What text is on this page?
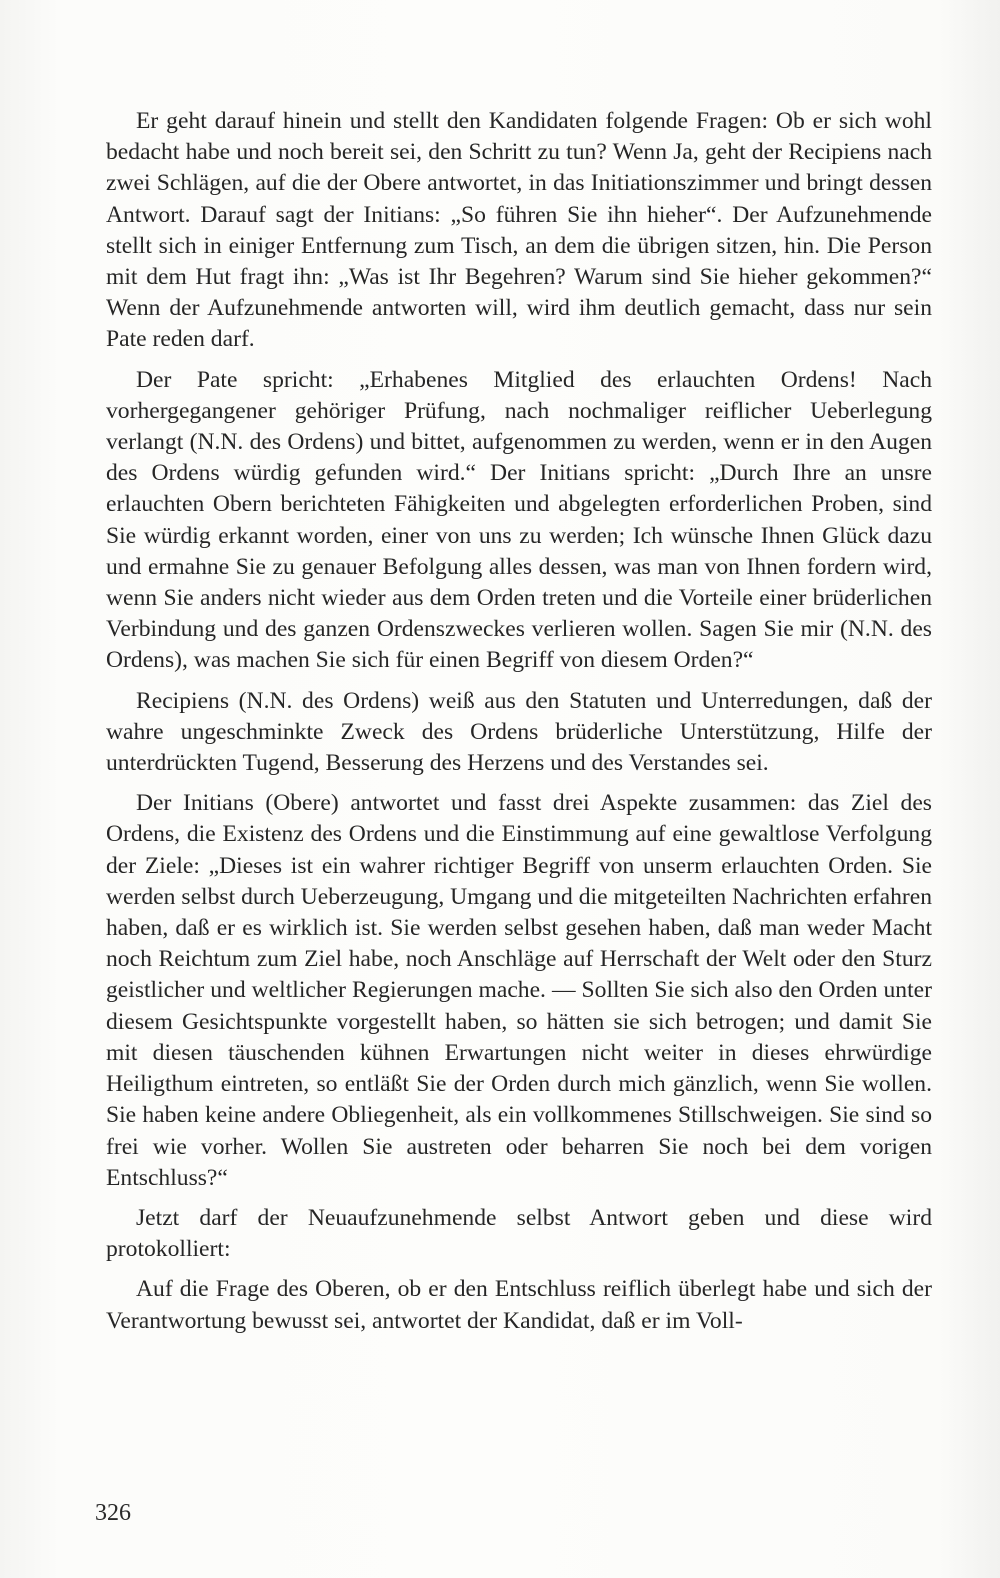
Er geht darauf hinein und stellt den Kandidaten folgende Fragen: Ob er sich wohl bedacht habe und noch bereit sei, den Schritt zu tun? Wenn Ja, geht der Recipiens nach zwei Schlägen, auf die der Obere antwortet, in das Initiationszimmer und bringt dessen Antwort. Darauf sagt der Initians: „So führen Sie ihn hieher“. Der Aufzunehmende stellt sich in einiger Entfernung zum Tisch, an dem die übrigen sitzen, hin. Die Person mit dem Hut fragt ihn: „Was ist Ihr Begehren? Warum sind Sie hieher gekommen?“ Wenn der Aufzunehmende antworten will, wird ihm deutlich gemacht, dass nur sein Pate reden darf.

Der Pate spricht: „Erhabenes Mitglied des erlauchten Ordens! Nach vorhergegangener gehöriger Prüfung, nach nochmaliger reiflicher Ueberlegung verlangt (N.N. des Ordens) und bittet, aufgenommen zu werden, wenn er in den Augen des Ordens würdig gefunden wird.“ Der Initians spricht: „Durch Ihre an unsre erlauchten Obern berichteten Fähigkeiten und abgelegten erforderlichen Proben, sind Sie würdig erkannt worden, einer von uns zu werden; Ich wünsche Ihnen Glück dazu und ermahne Sie zu genauer Befolgung alles dessen, was man von Ihnen fordern wird, wenn Sie anders nicht wieder aus dem Orden treten und die Vorteile einer brüderlichen Verbindung und des ganzen Ordenszweckes verlieren wollen. Sagen Sie mir (N.N. des Ordens), was machen Sie sich für einen Begriff von diesem Orden?“

Recipiens (N.N. des Ordens) weiß aus den Statuten und Unterredungen, daß der wahre ungeschminkte Zweck des Ordens brüderliche Unterstützung, Hilfe der unterdrückten Tugend, Besserung des Herzens und des Verstandes sei.

Der Initians (Obere) antwortet und fasst drei Aspekte zusammen: das Ziel des Ordens, die Existenz des Ordens und die Einstimmung auf eine gewaltlose Verfolgung der Ziele: „Dieses ist ein wahrer richtiger Begriff von unserm erlauchten Orden. Sie werden selbst durch Ueberzeugung, Umgang und die mitgeteilten Nachrichten erfahren haben, daß er es wirklich ist. Sie werden selbst gesehen haben, daß man weder Macht noch Reichtum zum Ziel habe, noch Anschläge auf Herrschaft der Welt oder den Sturz geistlicher und weltlicher Regierungen mache. — Sollten Sie sich also den Orden unter diesem Gesichtspunkte vorgestellt haben, so hätten sie sich betrogen; und damit Sie mit diesen täuschenden kühnen Erwartungen nicht weiter in dieses ehrwürdige Heiligthum eintreten, so entläßt Sie der Orden durch mich gänzlich, wenn Sie wollen. Sie haben keine andere Obliegenheit, als ein vollkommenes Stillschweigen. Sie sind so frei wie vorher. Wollen Sie austreten oder beharren Sie noch bei dem vorigen Entschluss?“

Jetzt darf der Neuaufzunehmende selbst Antwort geben und diese wird protokolliert:

Auf die Frage des Oberen, ob er den Entschluss reiflich überlegt habe und sich der Verantwortung bewusst sei, antwortet der Kandidat, daß er im Voll-

326
